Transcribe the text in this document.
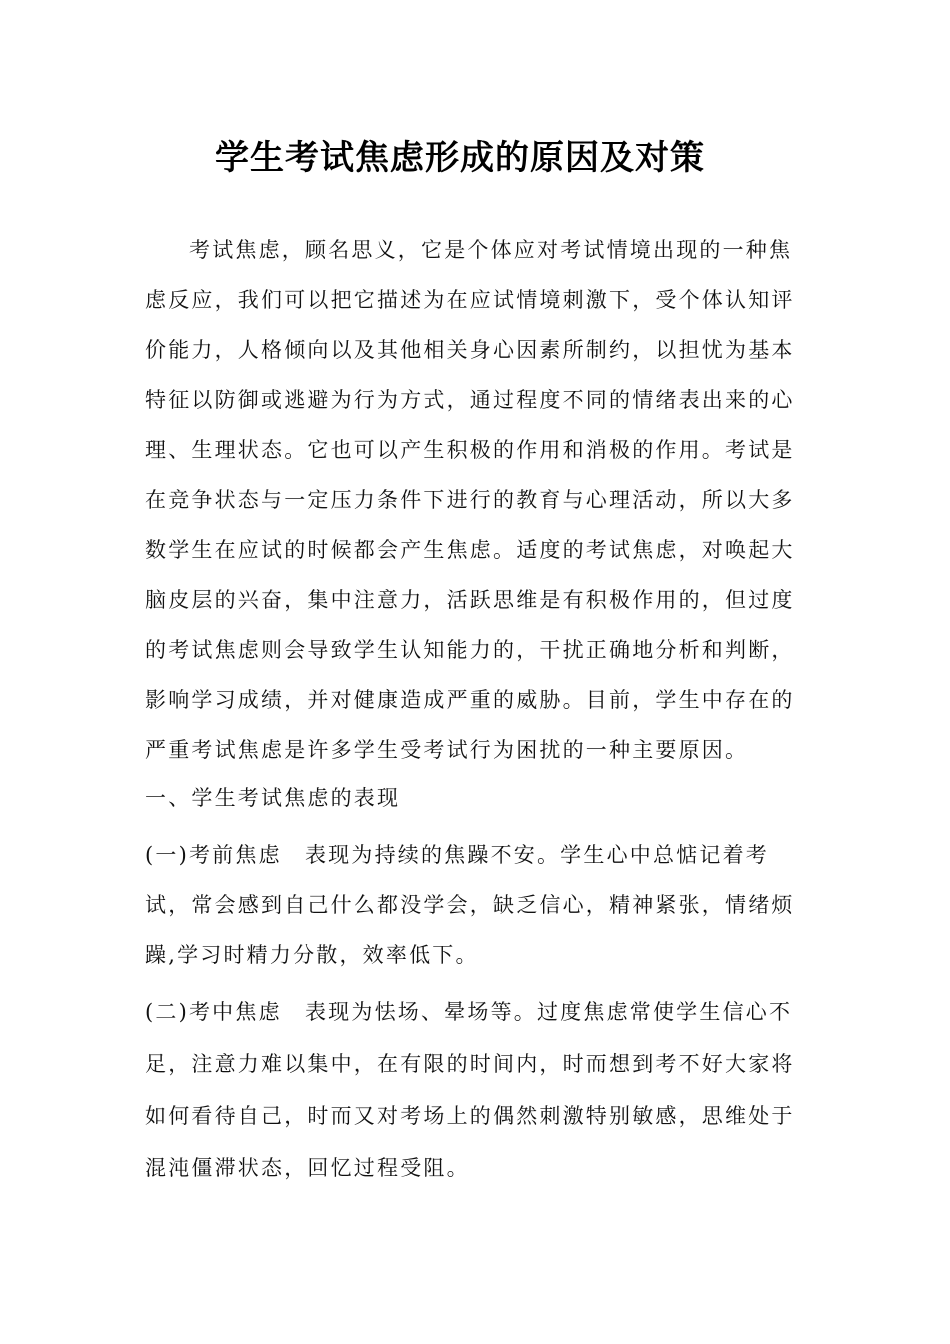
学生考试焦虑形成的原因及对策

考试焦虑，顾名思义，它是个体应对考试情境出现的一种焦虑反应，我们可以把它描述为在应试情境刺激下，受个体认知评价能力，人格倾向以及其他相关身心因素所制约，以担忧为基本特征以防御或逃避为行为方式，通过程度不同的情绪表出来的心理、生理状态。它也可以产生积极的作用和消极的作用。考试是在竞争状态与一定压力条件下进行的教育与心理活动，所以大多数学生在应试的时候都会产生焦虑。适度的考试焦虑，对唤起大脑皮层的兴奋，集中注意力，活跃思维是有积极作用的，但过度的考试焦虑则会导致学生认知能力的，干扰正确地分析和判断，影响学习成绩，并对健康造成严重的威胁。目前，学生中存在的严重考试焦虑是许多学生受考试行为困扰的一种主要原因。

一、学生考试焦虑的表现

(一)考前焦虑　表现为持续的焦躁不安。学生心中总惦记着考试，常会感到自己什么都没学会，缺乏信心，精神紧张，情绪烦躁,学习时精力分散，效率低下。

(二)考中焦虑　表现为怯场、晕场等。过度焦虑常使学生信心不足，注意力难以集中，在有限的时间内，时而想到考不好大家将如何看待自己，时而又对考场上的偶然刺激特别敏感，思维处于混沌僵滞状态，回忆过程受阻。
